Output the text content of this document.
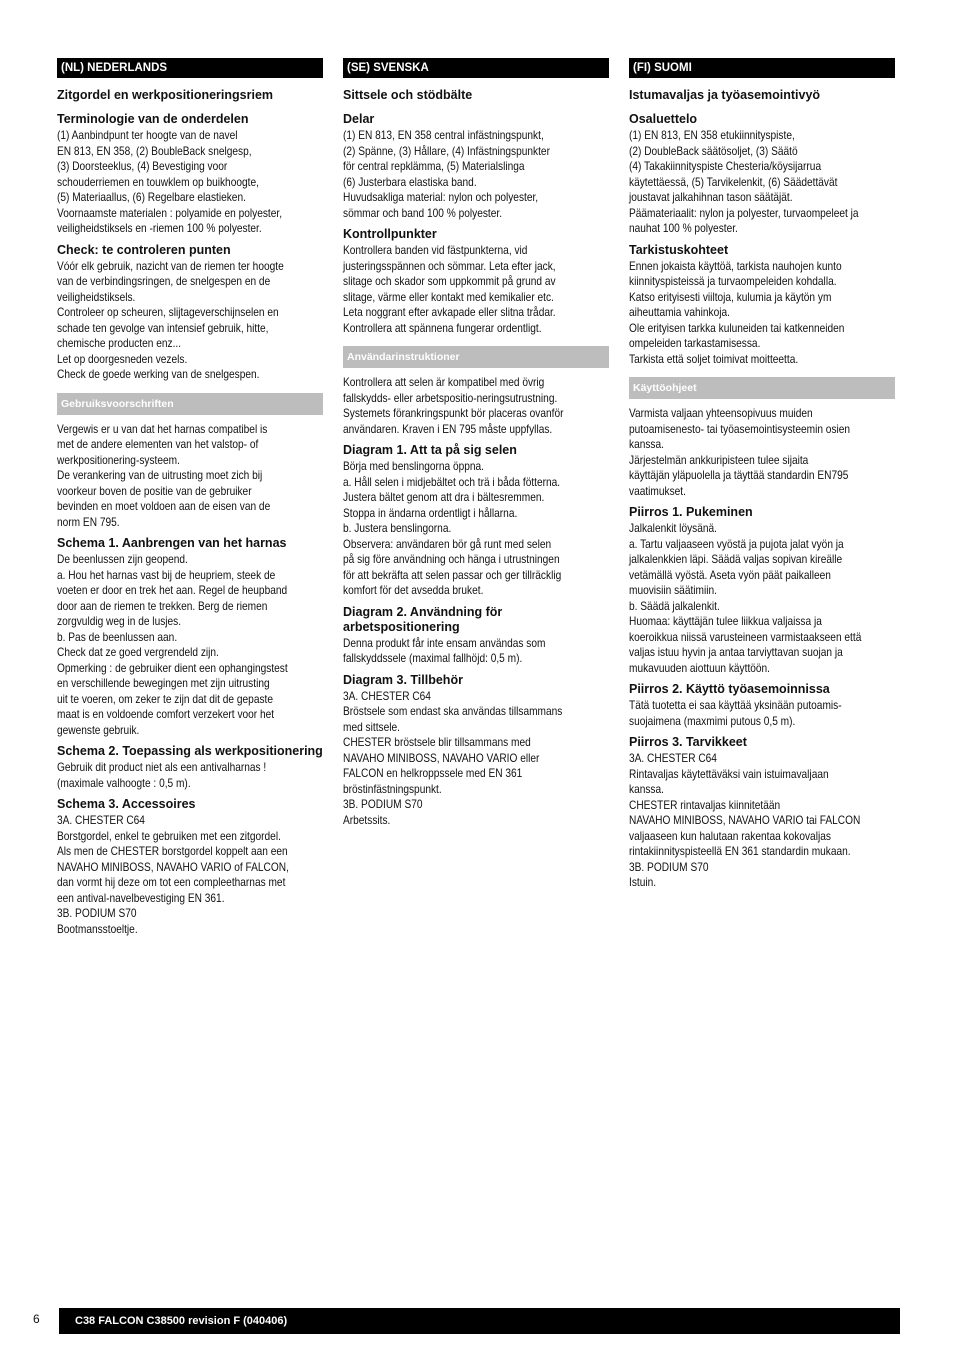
(NL) NEDERLANDS
Zitgordel en werkpositioneringsriem
Terminologie van de onderdelen
(1) Aanbindpunt ter hoogte van de navel
EN 813, EN 358, (2) BoubleBack snelgesp,
(3) Doorsteeklus, (4) Bevestiging voor
schouderriemen en touwklem op buikhoogte,
(5) Materiaallus, (6) Regelbare elastieken.
Voornaamste materialen : polyamide en polyester,
veiligheidstiksels en -riemen 100 % polyester.
Check: te controleren punten
Vóór elk gebruik, nazicht van de riemen ter hoogte
van de verbindingsringen, de snelgespen en de
veiligheidstiksels.
Controleer op scheuren, slijtageverschijnselen en
schade ten gevolge van intensief gebruik, hitte,
chemische producten enz...
Let op doorgesneden vezels.
Check de goede werking van de snelgespen.
Gebruiksvoorschriften
Vergewis er u van dat het harnas compatibel is
met de andere elementen van het valstop- of
werkpositionering-systeem.
De verankering van de uitrusting moet zich bij
voorkeur boven de positie van de gebruiker
bevinden en moet voldoen aan de eisen van de
norm EN 795.
Schema 1. Aanbrengen van het harnas
De beenlussen zijn geopend.
a. Hou het harnas vast bij de heupriem, steek de
voeten er door en trek het aan. Regel de heupband
door aan de riemen te trekken. Berg de riemen
zorgvuldig weg in de lusjes.
b. Pas de beenlussen aan.
Check dat ze goed vergrendeld zijn.
Opmerking : de gebruiker dient een ophangingstest
en verschillende bewegingen met zijn uitrusting
uit te voeren, om zeker te zijn dat dit de gepaste
maat is en voldoende comfort verzekert voor het
gewenste gebruik.
Schema 2. Toepassing als werkpositionering
Gebruik dit product niet als een antivalharnas !
(maximale valhoogte : 0,5 m).
Schema 3. Accessoires
3A. CHESTER C64
Borstgordel, enkel te gebruiken met een zitgordel.
Als men de CHESTER borstgordel koppelt aan een
NAVAHO MINIBOSS, NAVAHO VARIO of FALCON,
dan vormt hij deze om tot een compleetharnas met
een antival-navelbevestiging EN 361.
3B. PODIUM S70
Bootmansstoeltje.
(SE) SVENSKA
Sittsele och stödbälte
Delar
(1) EN 813, EN 358 central infästningspunkt,
(2) Spänne, (3) Hållare, (4) Infästningspunkter
för central repklämma, (5) Materialslinga
(6) Justerbara elastiska band.
Huvudsakliga material: nylon och polyester,
sömmar och band 100 % polyester.
Kontrollpunkter
Kontrollera banden vid fästpunkterna, vid
justeringsspännen och sömmar. Leta efter jack,
slitage och skador som uppkommit på grund av
slitage, värme eller kontakt med kemikalier etc.
Leta noggrant efter avkapade eller slitna trådar.
Kontrollera att spännena fungerar ordentligt.
Användarinstruktioner
Kontrollera att selen är kompatibel med övrig
fallskydds- eller arbetspositio-neringsutrustning.
Systemets förankringspunkt bör placeras ovanför
användaren. Kraven i EN 795 måste uppfyllas.
Diagram 1. Att ta på sig selen
Börja med benslingorna öppna.
a. Håll selen i midjebältet och trä i båda fötterna.
Justera bältet genom att dra i bältesremmen.
Stoppa in ändarna ordentligt i hållarna.
b. Justera benslingorna.
Observera: användaren bör gå runt med selen
på sig före användning och hänga i utrustningen
för att bekräfta att selen passar och ger tillräcklig
komfort för det avsedda bruket.
Diagram 2. Användning för
arbetspositionering
Denna produkt får inte ensam användas som
fallskyddssele (maximal fallhöjd: 0,5 m).
Diagram 3. Tillbehör
3A. CHESTER C64
Bröstsele som endast ska användas tillsammans
med sittsele.
CHESTER bröstsele blir tillsammans med
NAVAHO MINIBOSS, NAVAHO VARIO eller
FALCON en helkroppssele med EN 361
bröstinfästningspunkt.
3B. PODIUM S70
Arbetssits.
(FI) SUOMI
Istumavaljas ja työasemointivyö
Osaluettelo
(1) EN 813, EN 358 etukiinnityspiste,
(2) DoubleBack säätösoljet, (3) Säätö
(4) Takakiinnityspiste Chesteria/köysijarrua
käytettäessä, (5) Tarvikelenkit, (6) Säädettävät
joustavat jalkahihnan tason säätäjät.
Päämateriaalit: nylon ja polyester, turvaompeleet ja
nauhat 100 % polyester.
Tarkistuskohteet
Ennen jokaista käyttöä, tarkista nauhojen kunto
kiinnityspisteissä ja turvaompeleiden kohdalla.
Katso erityisesti viiltoja, kulumia ja käytön ym
aiheuttamia vahinkoja.
Ole erityisen tarkka kuluneiden tai katkenneiden
ompeleiden tarkastamisessa.
Tarkista että soljet toimivat moitteetta.
Käyttöohjeet
Varmista valjaan yhteensopivuus muiden
putoamisenesto- tai työasemointisysteemin osien
kanssa.
Järjestelmän ankkuripisteen tulee sijaita
käyttäjän yläpuolella ja täyttää standardin EN795
vaatimukset.
Piirros 1. Pukeminen
Jalkalenkit löysänä.
a. Tartu valjaaseen vyöstä ja pujota jalat vyön ja
jalkalenkkien läpi. Säädä valjas sopivan kireälle
vetämällä vyöstä. Aseta vyön päät paikalleen
muovisiin säätimiin.
b. Säädä jalkalenkit.
Huomaa: käyttäjän tulee liikkua valjaissa ja
koeroikkua niissä varusteineen varmistaakseen että
valjas istuu hyvin ja antaa tarviyttavan suojan ja
mukavuuden aiottuun käyttöön.
Piirros 2. Käyttö työasemoinnissa
Tätä tuotetta ei saa käyttää yksinään putoamis-
suojaimena (maxmimi putous 0,5 m).
Piirros 3. Tarvikkeet
3A. CHESTER C64
Rintavaljas käytettäväksi vain istuimavaljaan
kanssa.
CHESTER rintavaljas kiinnitetään
NAVAHO MINIBOSS, NAVAHO VARIO tai FALCON
valjaaseen kun halutaan rakentaa kokovaljas
rintakiinnityspisteellä EN 361 standardin mukaan.
3B. PODIUM S70
Istuin.
6	C38 FALCON C38500 revision F (040406)
